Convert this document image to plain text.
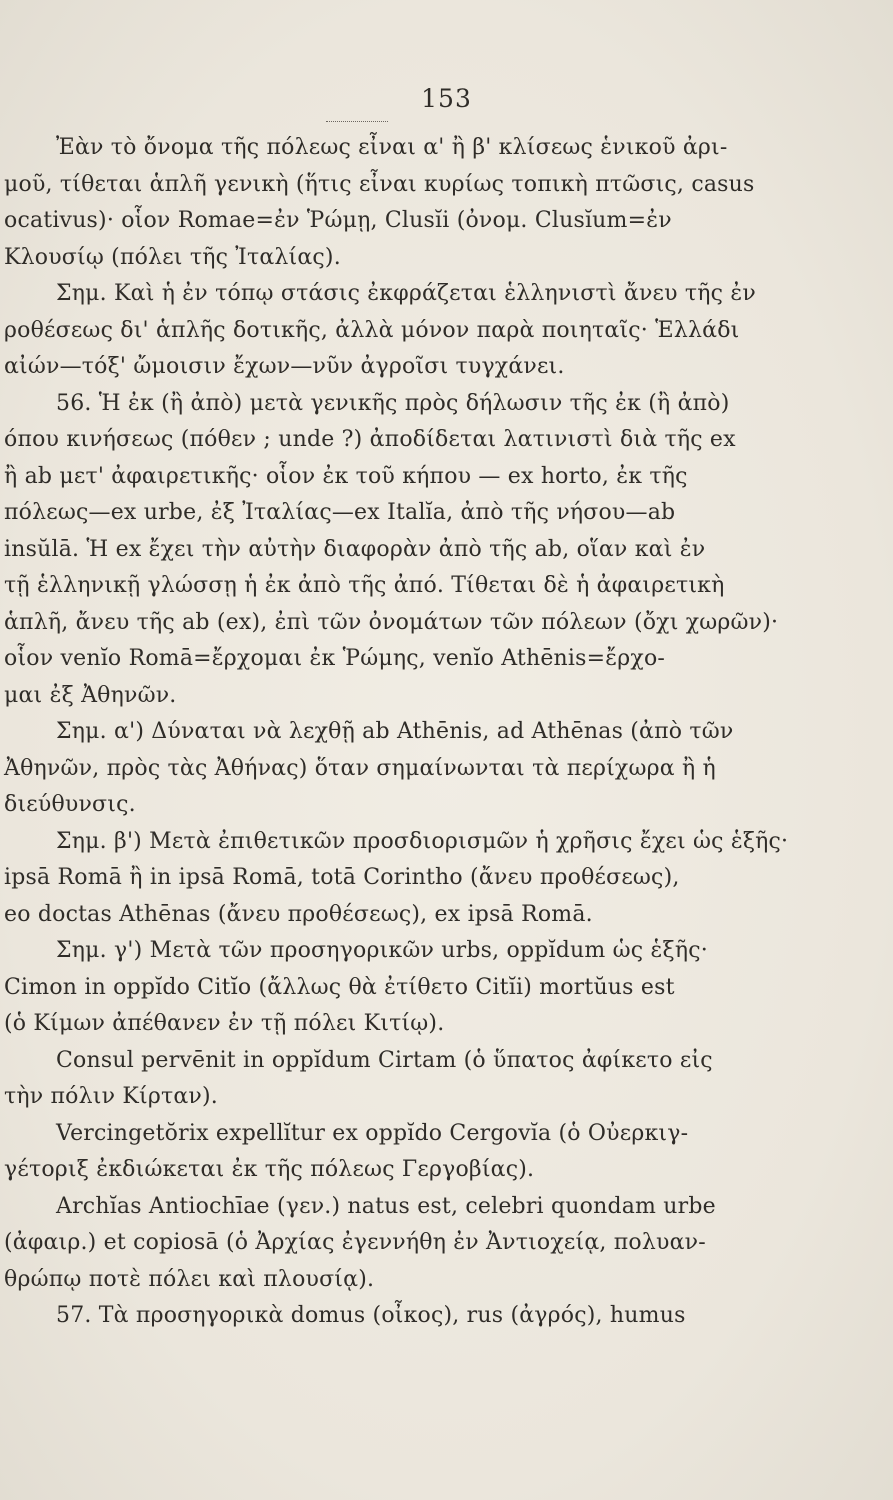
153
Ἐὰν τὸ ὄνομα τῆς πόλεως εἶναι α' ἢ β' κλίσεως ἑνικοῦ ἀρι-
μοῦ, τίθεται ἁπλῆ γενικὴ (ἥτις εἶναι κυρίως τοπικὴ πτῶσις, casus
ocativus)· οἷον Romae=ἐν Ῥώμῃ, Clusĭi (ὀνομ. Clusĭum=ἐν
Κλουσίῳ (πόλει τῆς Ἰταλίας).
Σημ. Καὶ ἡ ἐν τόπῳ στάσις ἐκφράζεται ἑλληνιστὶ ἄνευ τῆς ἐν
ροθέσεως δι' ἁπλῆς δοτικῆς, ἀλλὰ μόνον παρὰ ποιηταῖς· Ἑλλάδι
αἰών—τόξ' ὤμοισιν ἔχων—νῦν ἀγροῖσι τυγχάνει.
56. Ἡ ἐκ (ἢ ἀπὸ) μετὰ γενικῆς πρὸς δήλωσιν τῆς ἐκ (ἢ ἀπὸ)
όπου κινήσεως (πόθεν ; unde ?) ἀποδίδεται λατινιστὶ διὰ τῆς ex
ἢ ab μετ' ἀφαιρετικῆς· οἷον ἐκ τοῦ κήπου — ex horto, ἐκ τῆς
πόλεως—ex urbe, ἐξ Ἰταλίας—ex Italĭa, ἀπὸ τῆς νήσου—ab
insŭlā. Ἡ ex ἔχει τὴν αὐτὴν διαφορὰν ἀπὸ τῆς ab, οἵαν καὶ ἐν
τῇ ἑλληνικῇ γλώσσῃ ἡ ἐκ ἀπὸ τῆς ἀπό. Τίθεται δὲ ἡ ἀφαιρετικὴ
ἁπλῆ, ἄνευ τῆς ab (ex), ἐπὶ τῶν ὀνομάτων τῶν πόλεων (ὄχι χωρῶν)·
οἷον venĭo Romā=ἔρχομαι ἐκ Ῥώμης, venĭo Athēnis=ἔρχο-
μαι ἐξ Ἀθηνῶν.
Σημ. α') Δύναται νὰ λεχθῇ ab Athēnis, ad Athēnas (ἀπὸ τῶν
Ἀθηνῶν, πρὸς τὰς Ἀθήνας) ὅταν σημαίνωνται τὰ περίχωρα ἢ ἡ
διεύθυνσις.
Σημ. β') Μετὰ ἐπιθετικῶν προσδιορισμῶν ἡ χρῆσις ἔχει ὡς ἑξῆς·
ipsā Romā ἢ in ipsā Romā, totā Corintho (ἄνευ προθέσεως),
eo doctas Athēnas (ἄνευ προθέσεως), ex ipsā Romā.
Σημ. γ') Μετὰ τῶν προσηγορικῶν urbs, oppĭdum ὡς ἑξῆς·
Cimon in oppĭdo Citĭo (ἄλλως θὰ ἐτίθετο Citĭi) mortŭus est
(ὁ Κίμων ἀπέθανεν ἐν τῇ πόλει Κιτίῳ).
Consul pervēnit in oppĭdum Cirtam (ὁ ὕπατος ἀφίκετο εἰς
τὴν πόλιν Κίρταν).
Vercingetŏrix expellĭtur ex oppĭdo Cergovĭa (ὁ Οὐερκιγ-
γέτοριξ ἐκδιώκεται ἐκ τῆς πόλεως Γεργοβίας).
Archĭas Antiochīae (γεν.) natus est, celebri quondam urbe
(ἀφαιρ.) et copiosā (ὁ Ἀρχίας ἐγεννήθη ἐν Ἀντιοχείᾳ, πολυαν-
θρώπῳ ποτὲ πόλει καὶ πλουσίᾳ).
57. Τὰ προσηγορικὰ domus (οἶκος), rus (ἀγρός), humus
